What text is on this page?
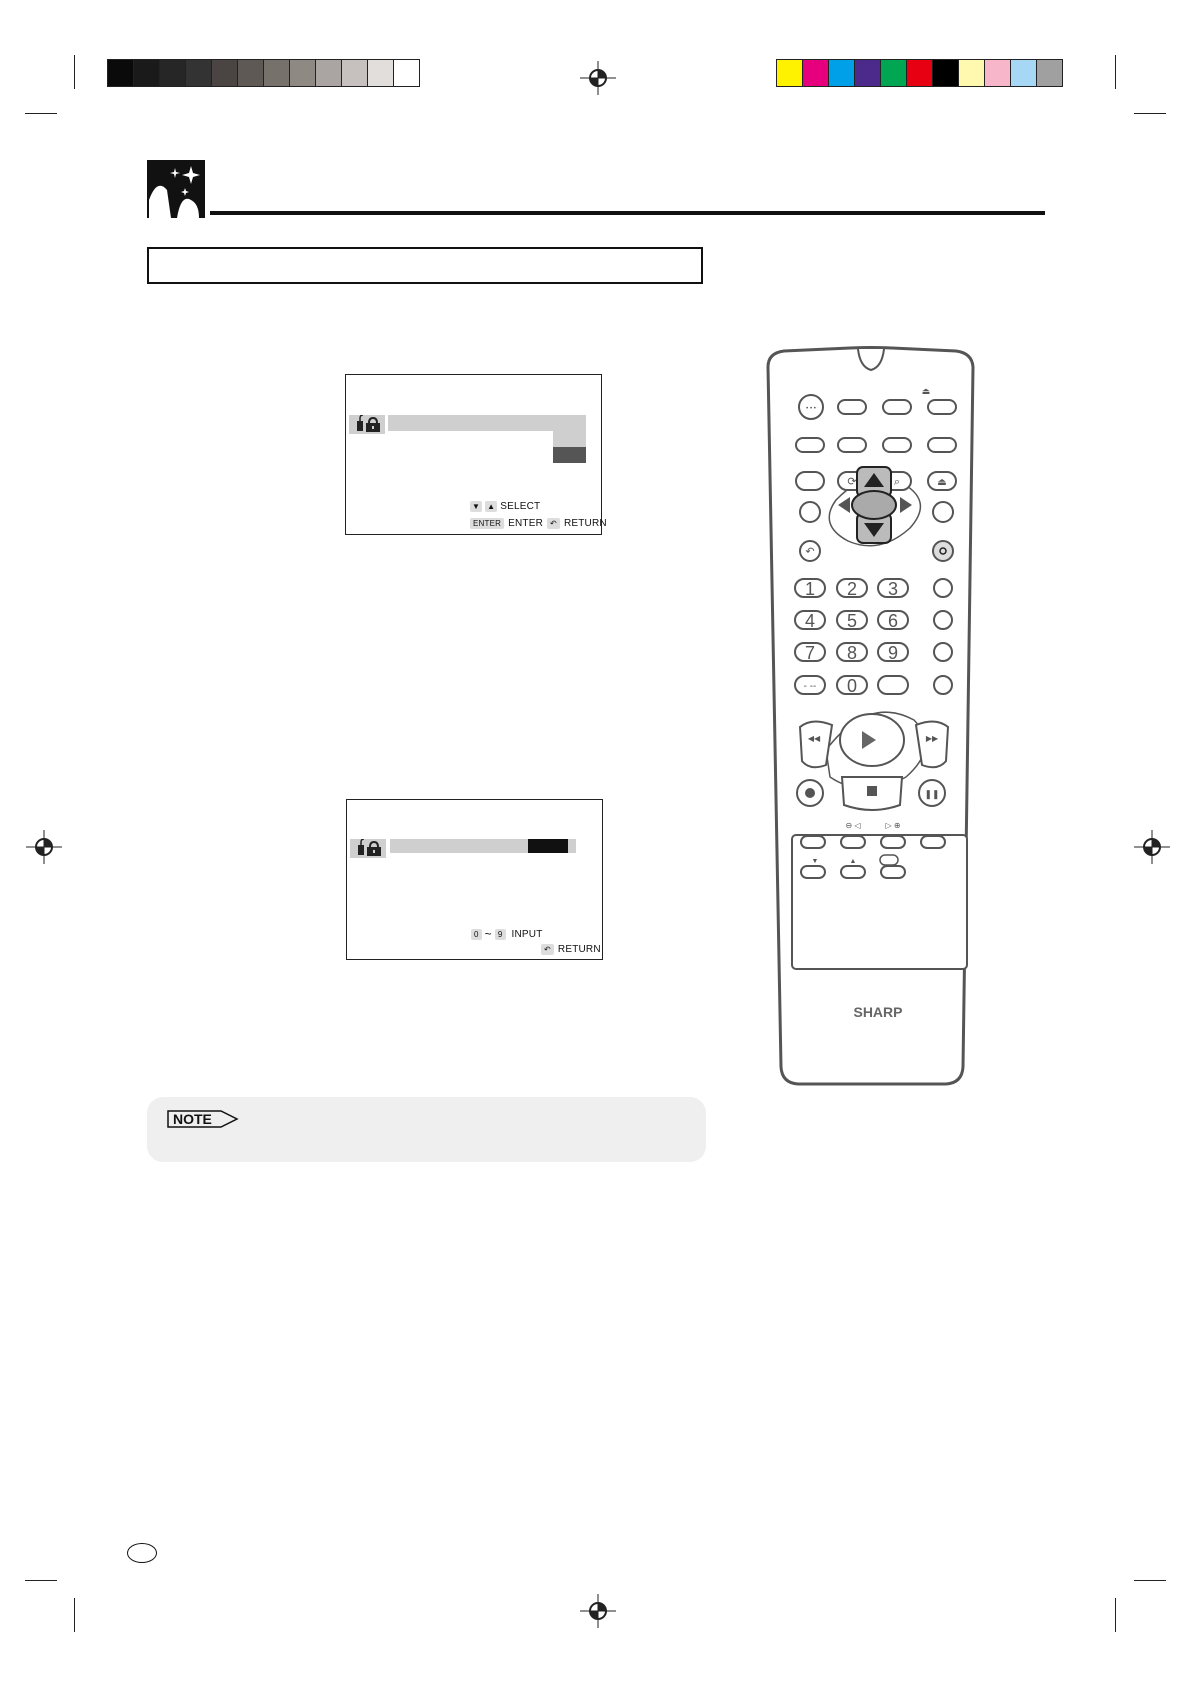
▼ ▲ SELECT
ENTER ENTER ↶ RETURN
0 ~ 9 INPUT
↶ RETURN
NOTE
⏏
SHARP
• • •
⟳	⌕	⏏
↶
1 2 3
4 5 6
7 8 9
0
- --
◀◀	▶▶
❚❚
⊖ ◁	▷ ⊕
▼	▲
